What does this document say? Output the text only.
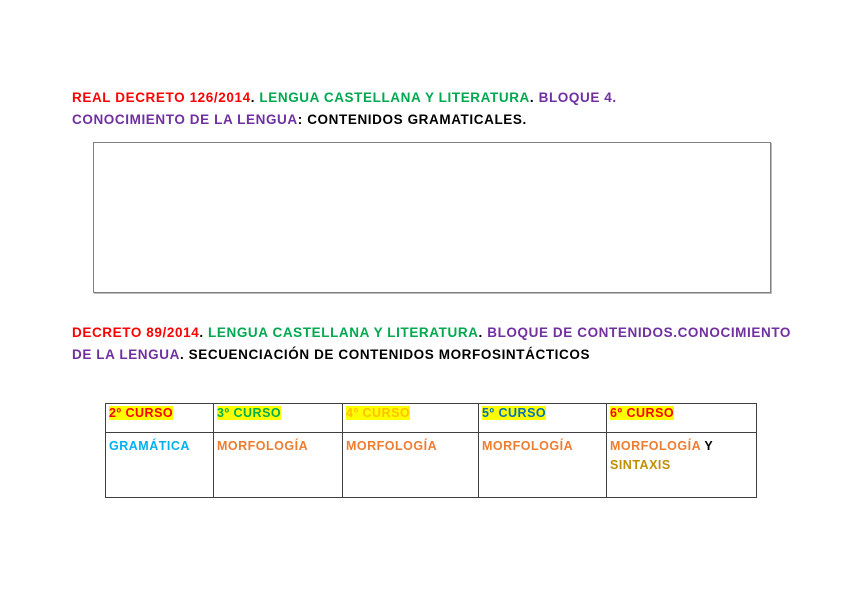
REAL DECRETO 126/2014. LENGUA CASTELLANA Y LITERATURA. BLOQUE 4.
CONOCIMIENTO DE LA LENGUA: CONTENIDOS GRAMATICALES.
DECRETO 89/2014. LENGUA CASTELLANA Y LITERATURA. BLOQUE DE CONTENIDOS.CONOCIMIENTO DE LA LENGUA. SECUENCIACIÓN DE CONTENIDOS MORFOSINTÁCTICOS
2º CURSO	3º CURSO	4º CURSO	5º CURSO	6º CURSO
GRAMÁTICA	MORFOLOGÍA	MORFOLOGÍA	MORFOLOGÍA	MORFOLOGÍA Y
SINTAXIS
